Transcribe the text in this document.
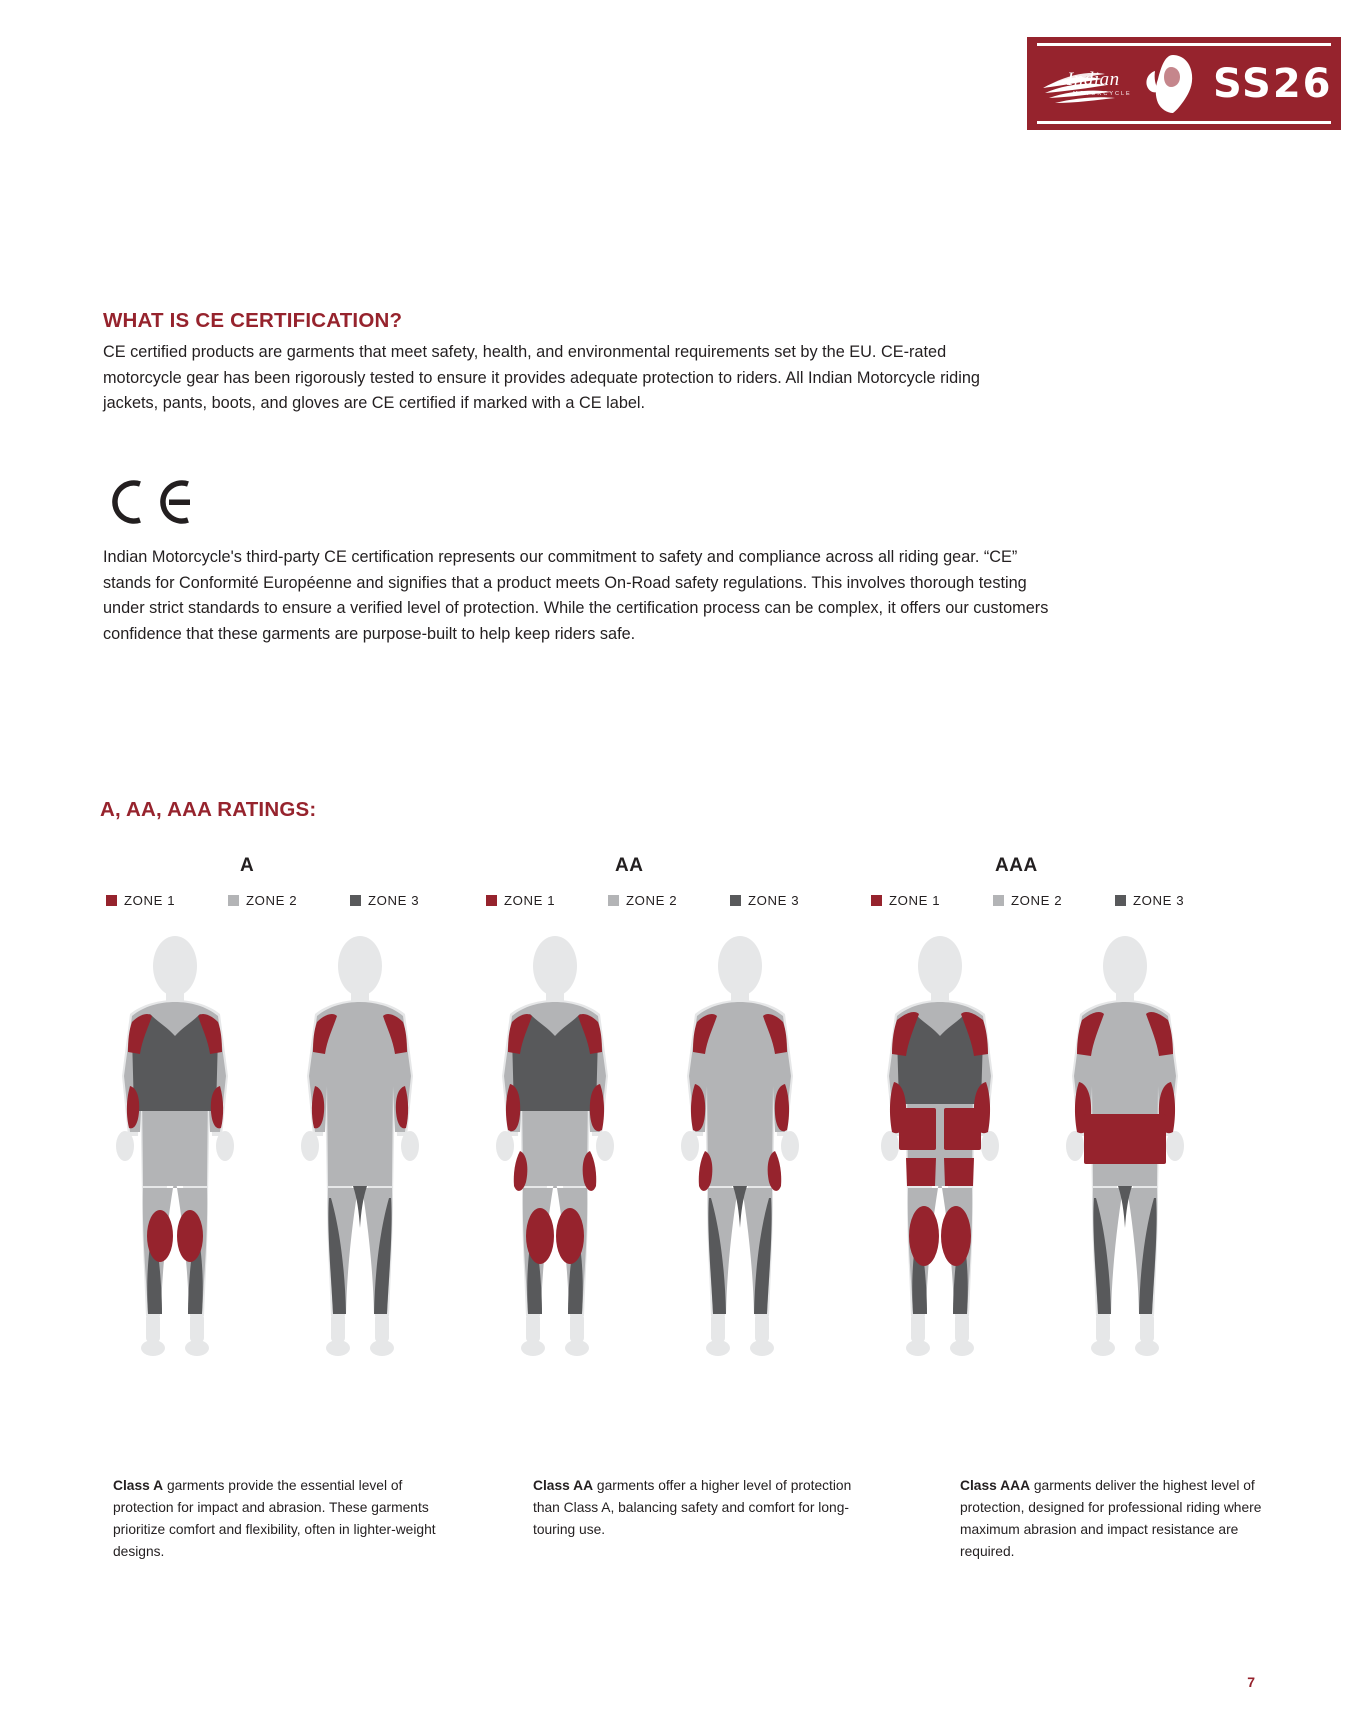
Indian
MOTORCYCLE SS26
WHAT IS CE CERTIFICATION?
CE certified products are garments that meet safety, health, and environmental requirements set by the EU. CE-rated motorcycle gear has been rigorously tested to ensure it provides adequate protection to riders. All Indian Motorcycle riding jackets, pants, boots, and gloves are CE certified if marked with a CE label.
Indian Motorcycle's third-party CE certification represents our commitment to safety and compliance across all riding gear. “CE” stands for Conformité Européenne and signifies that a product meets On-Road safety regulations. This involves thorough testing under strict standards to ensure a verified level of protection. While the certification process can be complex, it offers our customers confidence that these garments are purpose-built to help keep riders safe.
A, AA, AAA RATINGS:
A
ZONE 1	ZONE 2	ZONE 3
AA
ZONE 1	ZONE 2	ZONE 3
AAA
ZONE 1	ZONE 2	ZONE 3
Class A garments provide the essential level of protection for impact and abrasion. These garments prioritize comfort and flexibility, often in lighter-weight designs.
Class AA garments offer a higher level of protection than Class A, balancing safety and comfort for long-touring use.
Class AAA garments deliver the highest level of protection, designed for professional riding where maximum abrasion and impact resistance are required.
7
